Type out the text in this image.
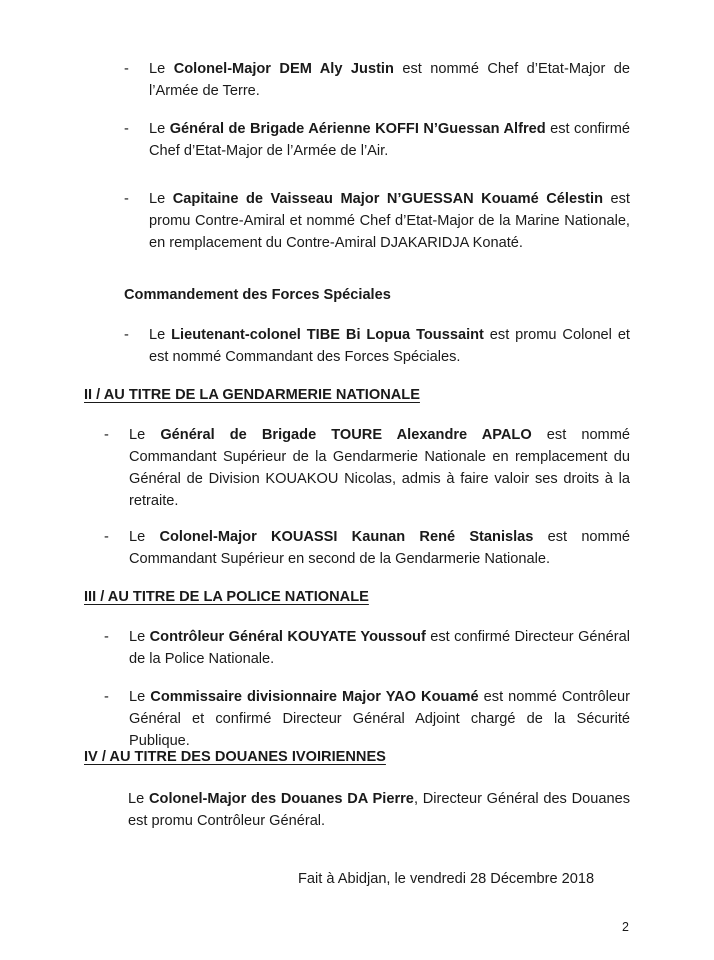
-	Le Colonel-Major DEM Aly Justin est nommé Chef d’Etat-Major de l’Armée de Terre.
-	Le Général de Brigade Aérienne KOFFI N’Guessan Alfred est confirmé Chef d’Etat-Major de l’Armée de l’Air.
-	Le Capitaine de Vaisseau Major N’GUESSAN Kouamé Célestin est promu Contre-Amiral et nommé Chef d’Etat-Major de la Marine Nationale, en remplacement du Contre-Amiral DJAKARIDJA Konaté.
Commandement des Forces Spéciales
-	Le Lieutenant-colonel TIBE Bi Lopua Toussaint est promu Colonel et est nommé Commandant des Forces Spéciales.
II / AU TITRE DE LA GENDARMERIE NATIONALE
-	Le Général de Brigade TOURE Alexandre APALO est nommé Commandant Supérieur de la Gendarmerie Nationale en remplacement du Général de Division KOUAKOU Nicolas, admis à faire valoir ses droits à la retraite.
-	Le Colonel-Major KOUASSI Kaunan René Stanislas est nommé Commandant Supérieur en second de la Gendarmerie Nationale.
III / AU TITRE DE LA POLICE NATIONALE
-	Le Contrôleur Général KOUYATE Youssouf est confirmé Directeur Général de la Police Nationale.
-	Le Commissaire divisionnaire Major YAO Kouamé est nommé Contrôleur Général et confirmé Directeur Général Adjoint chargé de la Sécurité Publique.
IV / AU TITRE DES DOUANES IVOIRIENNES
Le Colonel-Major des Douanes DA Pierre, Directeur Général des Douanes est promu Contrôleur Général.
Fait à Abidjan, le vendredi 28 Décembre 2018
2
